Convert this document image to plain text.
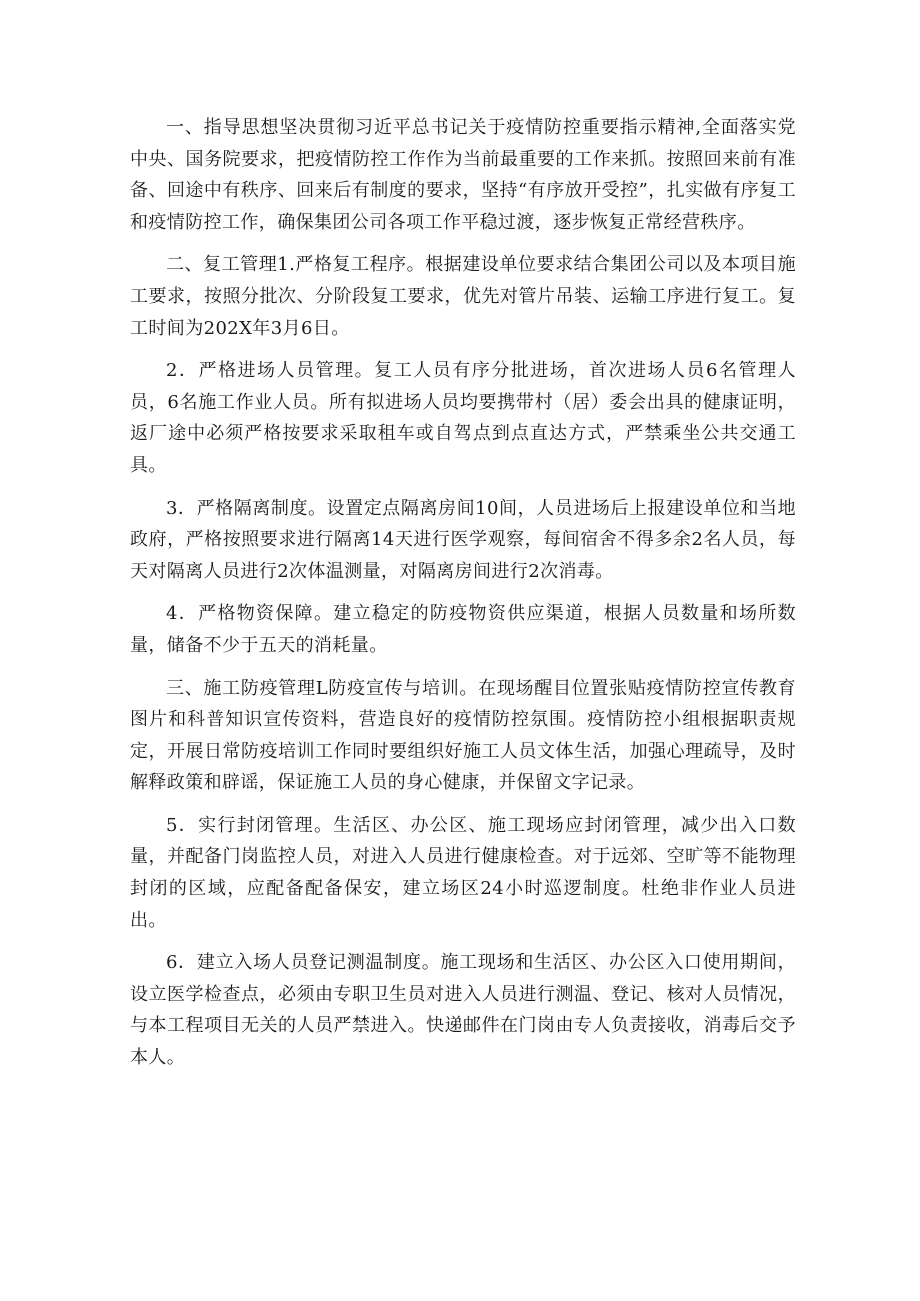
一、指导思想坚决贯彻习近平总书记关于疫情防控重要指示精神,全面落实党中央、国务院要求，把疫情防控工作作为当前最重要的工作来抓。按照回来前有准备、回途中有秩序、回来后有制度的要求，坚持“有序放开受控”，扎实做有序复工和疫情防控工作，确保集团公司各项工作平稳过渡，逐步恢复正常经营秩序。

二、复工管理1.严格复工程序。根据建设单位要求结合集团公司以及本项目施工要求，按照分批次、分阶段复工要求，优先对管片吊装、运输工序进行复工。复工时间为202X年3月6日。

2．严格进场人员管理。复工人员有序分批进场，首次进场人员6名管理人员，6名施工作业人员。所有拟进场人员均要携带村（居）委会出具的健康证明，返厂途中必须严格按要求采取租车或自驾点到点直达方式，严禁乘坐公共交通工具。

3．严格隔离制度。设置定点隔离房间10间，人员进场后上报建设单位和当地政府，严格按照要求进行隔离14天进行医学观察，每间宿舍不得多余2名人员，每天对隔离人员进行2次体温测量，对隔离房间进行2次消毒。

4．严格物资保障。建立稳定的防疫物资供应渠道，根据人员数量和场所数量，储备不少于五天的消耗量。

三、施工防疫管理L防疫宣传与培训。在现场醒目位置张贴疫情防控宣传教育图片和科普知识宣传资料，营造良好的疫情防控氛围。疫情防控小组根据职责规定，开展日常防疫培训工作同时要组织好施工人员文体生活，加强心理疏导，及时解释政策和辟谣，保证施工人员的身心健康，并保留文字记录。

5．实行封闭管理。生活区、办公区、施工现场应封闭管理，减少出入口数量，并配备门岗监控人员，对进入人员进行健康检查。对于远郊、空旷等不能物理封闭的区域，应配备配备保安，建立场区24小时巡逻制度。杜绝非作业人员进出。

6．建立入场人员登记测温制度。施工现场和生活区、办公区入口使用期间，设立医学检查点，必须由专职卫生员对进入人员进行测温、登记、核对人员情况，与本工程项目无关的人员严禁进入。快递邮件在门岗由专人负责接收，消毒后交予本人。
